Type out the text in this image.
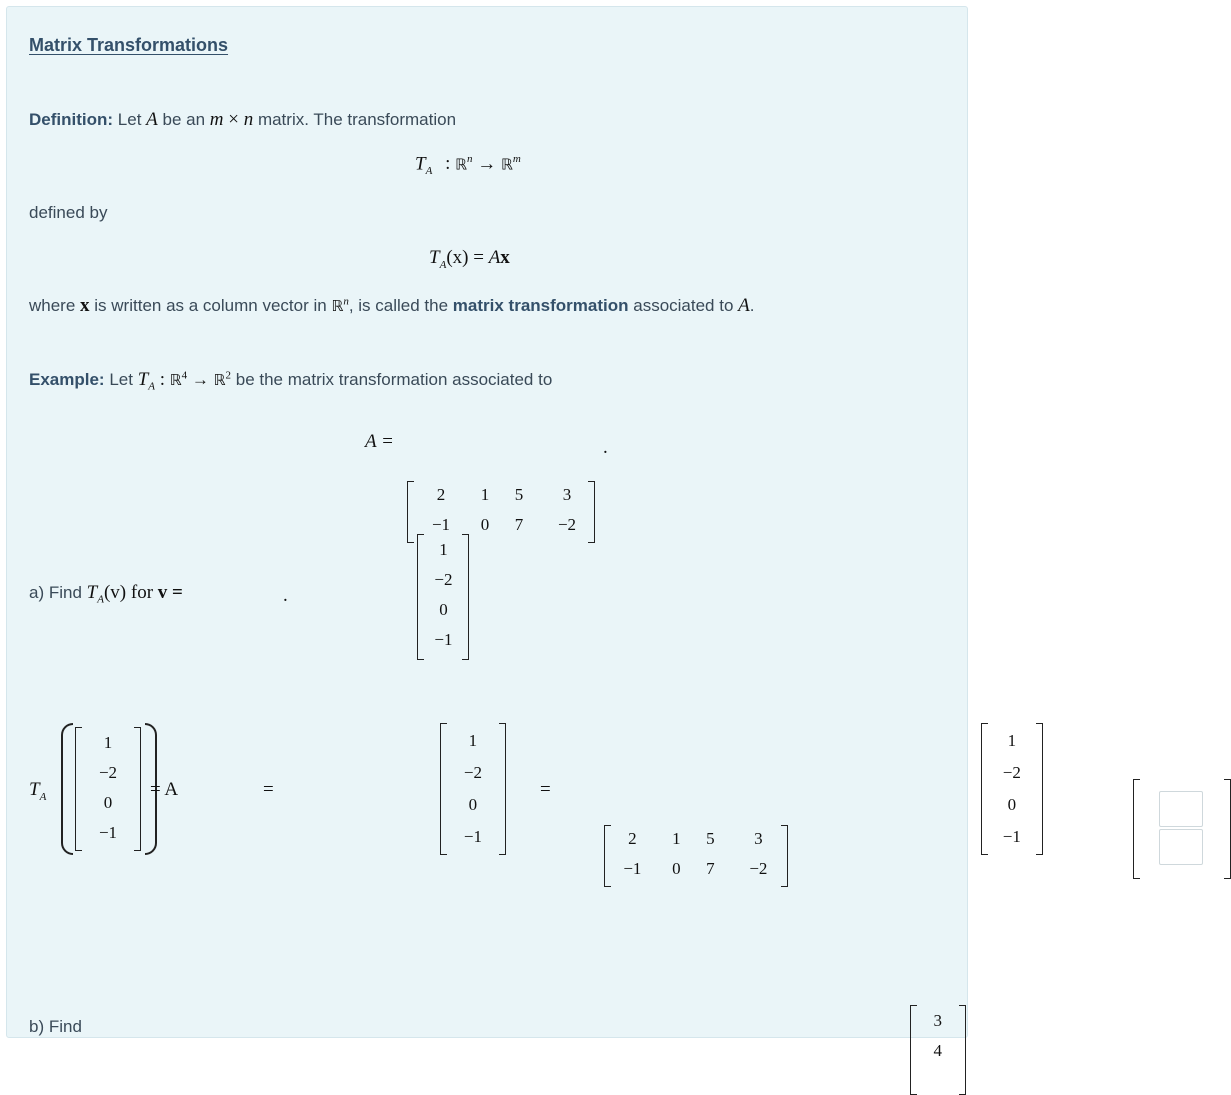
Matrix Transformations
Definition: Let A be an m × n matrix. The transformation
$T_A$ : ℝ$^n$ → ℝ$^m$
defined by
$T_A(x) = Ax$
where x is written as a column vector in ℝ$^n$, is called the matrix transformation associated to A.
Example: Let $T_A$ : ℝ$^4$ → ℝ$^2$ be the matrix transformation associated to
A =
2	1	5	3
−1	0	7	−2

.
a) Find $T_A(v)$ for v =
1
−2
0
−1

.
$T_A$
1
−2
0
−1
= A
1
−2
0
−1

=
2	1	5	3
−1	0	7	−2

1
−2
0
−1

=

3
4
b) Find
